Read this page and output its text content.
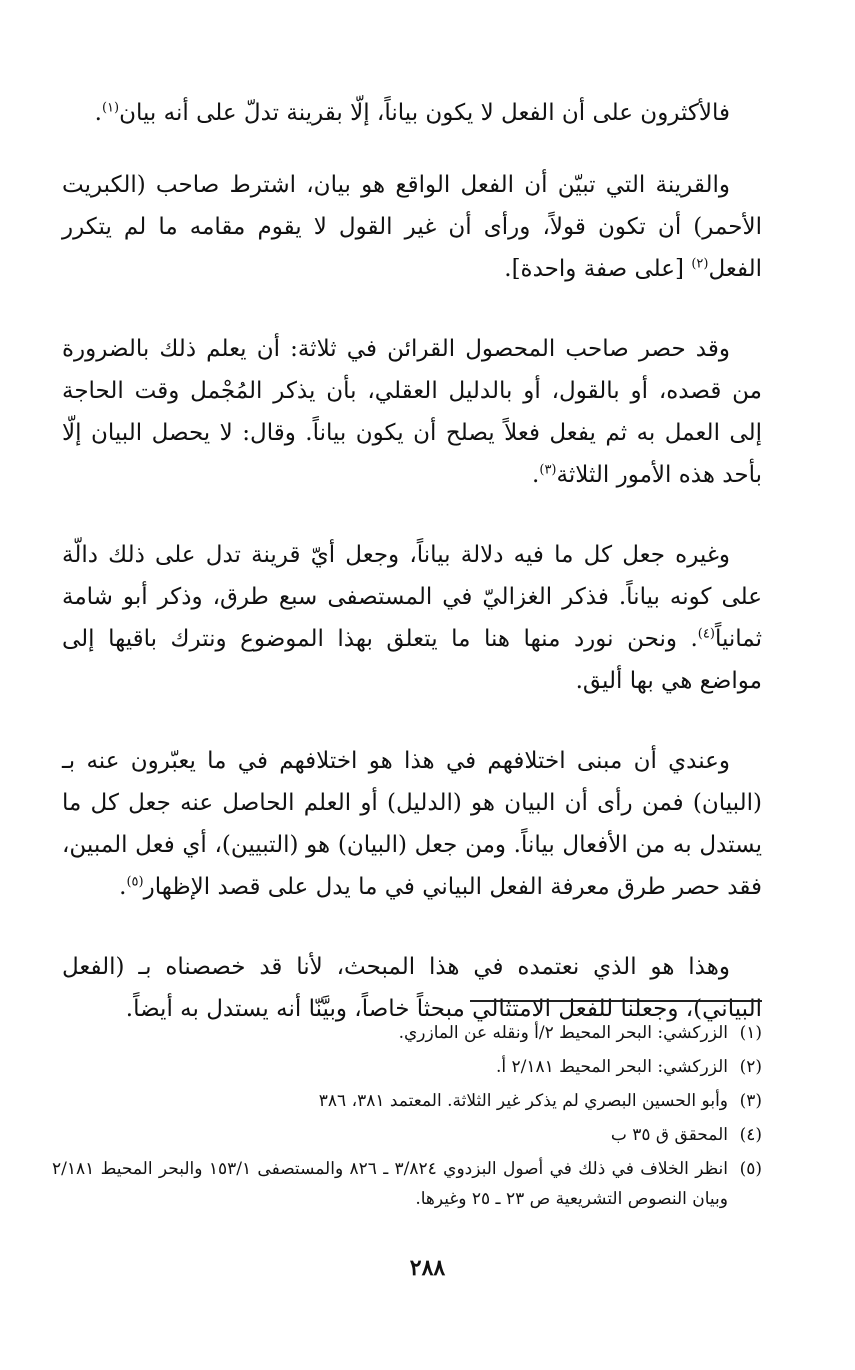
فالأكثرون على أن الفعل لا يكون بياناً، إلّا بقرينة تدلّ على أنه بيان$^{(١)}$.

والقرينة التي تبيّن أن الفعل الواقع هو بيان، اشترط صاحب (الكبريت الأحمر) أن تكون قولاً، ورأى أن غير القول لا يقوم مقامه ما لم يتكرر الفعل$^{(٢)}$ [على صفة واحدة].

وقد حصر صاحب المحصول القرائن في ثلاثة: أن يعلم ذلك بالضرورة من قصده، أو بالقول، أو بالدليل العقلي، بأن يذكر المُجْمل وقت الحاجة إلى العمل به ثم يفعل فعلاً يصلح أن يكون بياناً. وقال: لا يحصل البيان إلّا بأحد هذه الأمور الثلاثة$^{(٣)}$.

وغيره جعل كل ما فيه دلالة بياناً، وجعل أيّ قرينة تدل على ذلك دالّة على كونه بياناً. فذكر الغزاليّ في المستصفى سبع طرق، وذكر أبو شامة ثمانياً$^{(٤)}$. ونحن نورد منها هنا ما يتعلق بهذا الموضوع ونترك باقيها إلى مواضع هي بها أليق.

وعندي أن مبنى اختلافهم في هذا هو اختلافهم في ما يعبّرون عنه بـ (البيان) فمن رأى أن البيان هو (الدليل) أو العلم الحاصل عنه جعل كل ما يستدل به من الأفعال بياناً. ومن جعل (البيان) هو (التبيين)، أي فعل المبين، فقد حصر طرق معرفة الفعل البياني في ما يدل على قصد الإظهار$^{(٥)}$.

وهذا هو الذي نعتمده في هذا المبحث، لأنا قد خصصناه بـ (الفعل البياني)، وجعلنا للفعل الامتثالي مبحثاً خاصاً، وبيَّنّا أنه يستدل به أيضاً.

(١)الزركشي: البحر المحيط ٢/أ ونقله عن المازري.

(٢)الزركشي: البحر المحيط ٢/١٨١ أ.

(٣)وأبو الحسين البصري لم يذكر غير الثلاثة. المعتمد ٣٨١، ٣٨٦

(٤)المحقق ق ٣٥ ب

(٥)انظر الخلاف في ذلك في أصول البزدوي ٣/٨٢٤ ـ ٨٢٦ والمستصفى ١٥٣/١ والبحر المحيط ٢/١٨١ وبيان النصوص التشريعية ص ٢٣ ـ ٢٥ وغيرها.

٢٨٨
